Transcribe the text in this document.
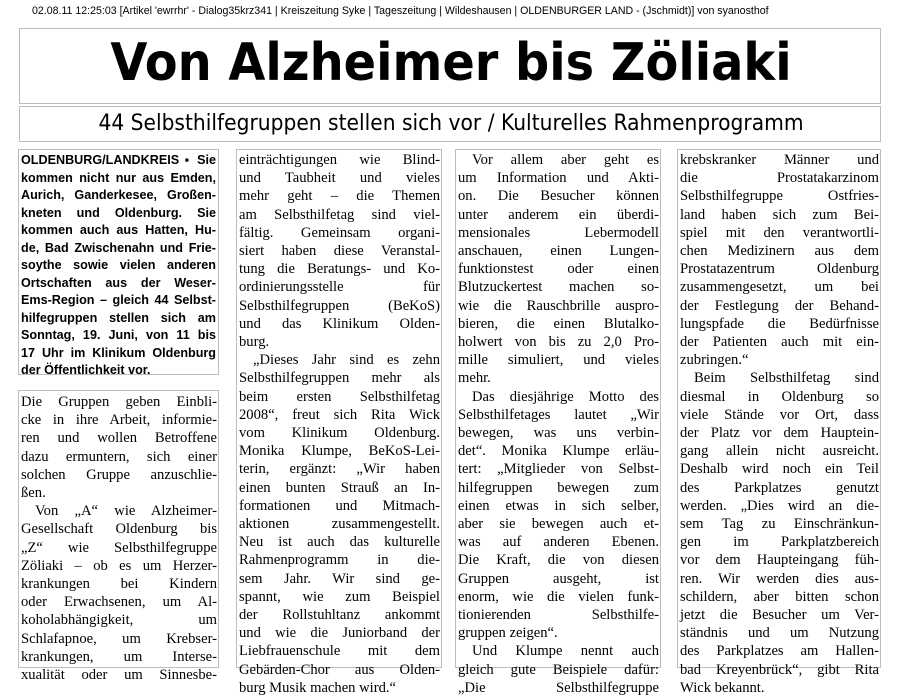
02.08.11 12:25:03 [Artikel 'ewrrhr' - Dialog35krz341 | Kreiszeitung Syke | Tageszeitung | Wildeshausen | OLDENBURGER LAND - (Jschmidt)] von syanosthof
Von Alzheimer bis Zöliaki
44 Selbsthilfegruppen stellen sich vor / Kulturelles Rahmenprogramm
OLDENBURG/LANDKREIS ▪ Sie
kommen nicht nur aus Emden,
Aurich, Ganderkesee, Großen-
kneten und Oldenburg. Sie
kommen auch aus Hatten, Hu-
de, Bad Zwischenahn und Frie-
soythe sowie vielen anderen
Ortschaften aus der Weser-
Ems-Region – gleich 44 Selbst-
hilfegruppen stellen sich am
Sonntag, 19. Juni, von 11 bis
17 Uhr im Klinikum Oldenburg
der Öffentlichkeit vor.
Die Gruppen geben Einbli-
cke in ihre Arbeit, informie-
ren und wollen Betroffene
dazu ermuntern, sich einer
solchen Gruppe anzuschlie-
ßen.
Von „A“ wie Alzheimer-
Gesellschaft Oldenburg bis
„Z“ wie Selbsthilfegruppe
Zöliaki – ob es um Herzer-
krankungen bei Kindern
oder Erwachsenen, um Al-
koholabhängigkeit, um
Schlafapnoe, um Krebser-
krankungen, um Interse-
xualität oder um Sinnesbe-
einträchtigungen wie Blind-
und Taubheit und vieles
mehr geht – die Themen
am Selbsthilfetag sind viel-
fältig. Gemeinsam organi-
siert haben diese Veranstal-
tung die Beratungs- und Ko-
ordinierungsstelle für
Selbsthilfegruppen (BeKoS)
und das Klinikum Olden-
burg.
„Dieses Jahr sind es zehn
Selbsthilfegruppen mehr als
beim ersten Selbsthilfetag
2008“, freut sich Rita Wick
vom Klinikum Oldenburg.
Monika Klumpe, BeKoS-Lei-
terin, ergänzt: „Wir haben
einen bunten Strauß an In-
formationen und Mitmach-
aktionen zusammengestellt.
Neu ist auch das kulturelle
Rahmenprogramm in die-
sem Jahr. Wir sind ge-
spannt, wie zum Beispiel
der Rollstuhltanz ankommt
und wie die Juniorband der
Liebfrauenschule mit dem
Gebärden-Chor aus Olden-
burg Musik machen wird.“
Vor allem aber geht es
um Information und Akti-
on. Die Besucher können
unter anderem ein überdi-
mensionales Lebermodell
anschauen, einen Lungen-
funktionstest oder einen
Blutzuckertest machen so-
wie die Rauschbrille auspro-
bieren, die einen Blutalko-
holwert von bis zu 2,0 Pro-
mille simuliert, und vieles
mehr.
Das diesjährige Motto des
Selbsthilfetages lautet „Wir
bewegen, was uns verbin-
det“. Monika Klumpe erläu-
tert: „Mitglieder von Selbst-
hilfegruppen bewegen zum
einen etwas in sich selber,
aber sie bewegen auch et-
was auf anderen Ebenen.
Die Kraft, die von diesen
Gruppen ausgeht, ist
enorm, wie die vielen funk-
tionierenden Selbsthilfe-
gruppen zeigen“.
Und Klumpe nennt auch
gleich gute Beispiele dafür:
„Die Selbsthilfegruppe
krebskranker Männer und
die Prostatakarzinom
Selbsthilfegruppe Ostfries-
land haben sich zum Bei-
spiel mit den verantwortli-
chen Medizinern aus dem
Prostatazentrum Oldenburg
zusammengesetzt, um bei
der Festlegung der Behand-
lungspfade die Bedürfnisse
der Patienten auch mit ein-
zubringen.“
Beim Selbsthilfetag sind
diesmal in Oldenburg so
viele Stände vor Ort, dass
der Platz vor dem Hauptein-
gang allein nicht ausreicht.
Deshalb wird noch ein Teil
des Parkplatzes genutzt
werden. „Dies wird an die-
sem Tag zu Einschränkun-
gen im Parkplatzbereich
vor dem Haupteingang füh-
ren. Wir werden dies aus-
schildern, aber bitten schon
jetzt die Besucher um Ver-
ständnis und um Nutzung
des Parkplatzes am Hallen-
bad Kreyenbrück“, gibt Rita
Wick bekannt.
